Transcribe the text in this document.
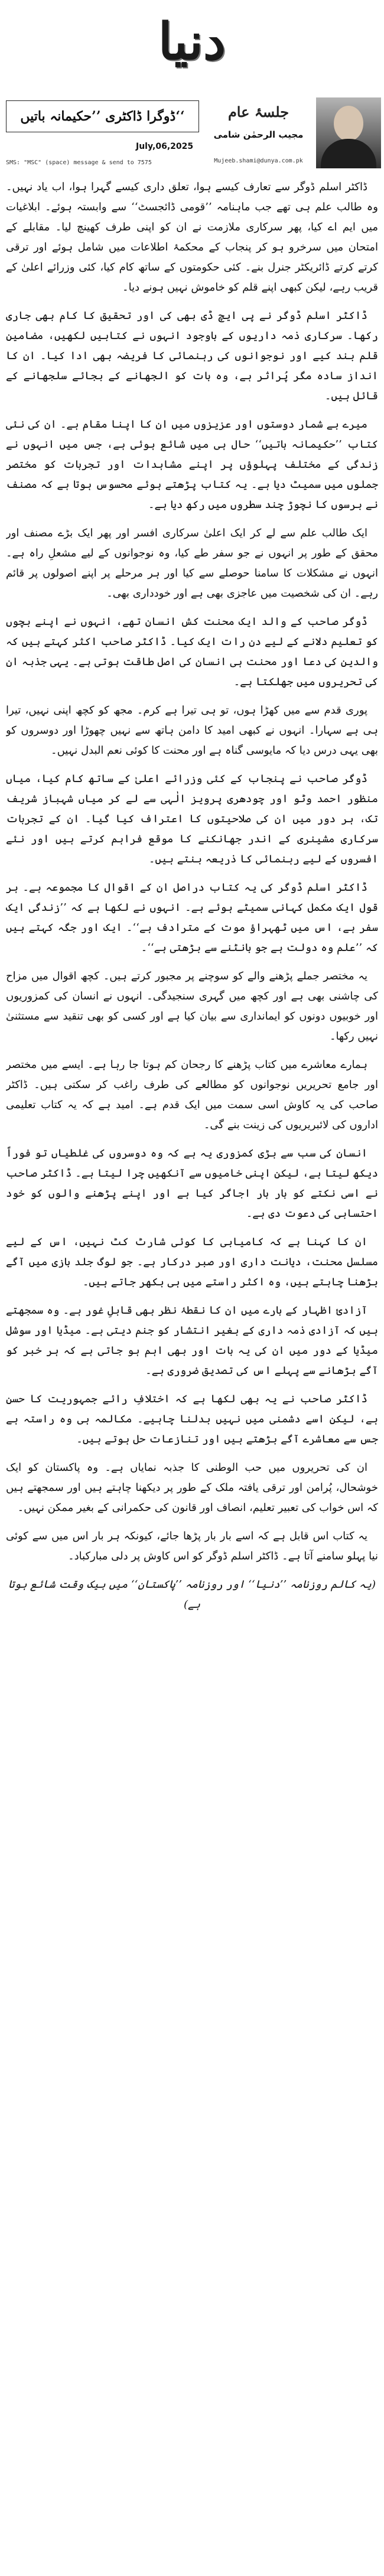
دنیا
ڈوگرا ڈاکٹری ’’حکیمانہ باتیں‘‘	جلسۂ عام
مجیب الرحمٰن شامی
Mujeeb.shami@dunya.com.pk
July,06,2025
SMS: "MSC" (space) message & send to 7575

ڈاکٹر اسلم ڈوگر سے تعارف کیسے ہوا، تعلق داری کیسے گہرا ہوا، اب یاد نہیں۔ وہ طالب علم ہی تھے جب ماہنامہ ’’قومی ڈائجسٹ‘‘ سے وابستہ ہوئے۔ ابلاغیات میں ایم اے کیا، پھر سرکاری ملازمت نے ان کو اپنی طرف کھینچ لیا۔ مقابلے کے امتحان میں سرخرو ہو کر پنجاب کے محکمۂ اطلاعات میں شامل ہوئے اور ترقی کرتے کرتے ڈائریکٹر جنرل بنے۔ کئی حکومتوں کے ساتھ کام کیا، کئی وزرائے اعلیٰ کے قریب رہے، لیکن کبھی اپنے قلم کو خاموش نہیں ہونے دیا۔

ڈاکٹر اسلم ڈوگر نے پی ایچ ڈی بھی کی اور تحقیق کا کام بھی جاری رکھا۔ سرکاری ذمہ داریوں کے باوجود انہوں نے کتابیں لکھیں، مضامین قلم بند کیے اور نوجوانوں کی رہنمائی کا فریضہ بھی ادا کیا۔ ان کا انداز سادہ مگر پُراثر ہے، وہ بات کو الجھانے کے بجائے سلجھانے کے قائل ہیں۔

میرے بے شمار دوستوں اور عزیزوں میں ان کا اپنا مقام ہے۔ ان کی نئی کتاب ’’حکیمانہ باتیں‘‘ حال ہی میں شائع ہوئی ہے، جس میں انہوں نے زندگی کے مختلف پہلوؤں پر اپنے مشاہدات اور تجربات کو مختصر جملوں میں سمیٹ دیا ہے۔ یہ کتاب پڑھتے ہوئے محسوس ہوتا ہے کہ مصنف نے برسوں کا نچوڑ چند سطروں میں رکھ دیا ہے۔

ایک طالب علم سے لے کر ایک اعلیٰ سرکاری افسر اور پھر ایک بڑے مصنف اور محقق کے طور پر انہوں نے جو سفر طے کیا، وہ نوجوانوں کے لیے مشعلِ راہ ہے۔ انہوں نے مشکلات کا سامنا حوصلے سے کیا اور ہر مرحلے پر اپنے اصولوں پر قائم رہے۔ ان کی شخصیت میں عاجزی بھی ہے اور خودداری بھی۔

ڈوگر صاحب کے والد ایک محنت کش انسان تھے، انہوں نے اپنے بچوں کو تعلیم دلانے کے لیے دن رات ایک کیا۔ ڈاکٹر صاحب اکثر کہتے ہیں کہ والدین کی دعا اور محنت ہی انسان کی اصل طاقت ہوتی ہے۔ یہی جذبہ ان کی تحریروں میں جھلکتا ہے۔

پوری قدم سے میں کھڑا ہوں، تو ہی تیرا ہے کرم۔ مجھ کو کچھ اپنی نہیں، تیرا ہی ہے سہارا۔ انہوں نے کبھی امید کا دامن ہاتھ سے نہیں چھوڑا اور دوسروں کو بھی یہی درس دیا کہ مایوسی گناہ ہے اور محنت کا کوئی نعم البدل نہیں۔

ڈوگر صاحب نے پنجاب کے کئی وزرائے اعلیٰ کے ساتھ کام کیا، میاں منظور احمد وٹو اور چودھری پرویز الٰہی سے لے کر میاں شہباز شریف تک، ہر دور میں ان کی صلاحیتوں کا اعتراف کیا گیا۔ ان کے تجربات سرکاری مشینری کے اندر جھانکنے کا موقع فراہم کرتے ہیں اور نئے افسروں کے لیے رہنمائی کا ذریعہ بنتے ہیں۔

ڈاکٹر اسلم ڈوگر کی یہ کتاب دراصل ان کے اقوال کا مجموعہ ہے۔ ہر قول ایک مکمل کہانی سمیٹے ہوئے ہے۔ انہوں نے لکھا ہے کہ ’’زندگی ایک سفر ہے، اس میں ٹھہراؤ موت کے مترادف ہے‘‘۔ ایک اور جگہ کہتے ہیں کہ ’’علم وہ دولت ہے جو بانٹنے سے بڑھتی ہے‘‘۔

یہ مختصر جملے پڑھنے والے کو سوچنے پر مجبور کرتے ہیں۔ کچھ اقوال میں مزاح کی چاشنی بھی ہے اور کچھ میں گہری سنجیدگی۔ انہوں نے انسان کی کمزوریوں اور خوبیوں دونوں کو ایمانداری سے بیان کیا ہے اور کسی کو بھی تنقید سے مستثنیٰ نہیں رکھا۔

ہمارے معاشرے میں کتاب پڑھنے کا رجحان کم ہوتا جا رہا ہے۔ ایسے میں مختصر اور جامع تحریریں نوجوانوں کو مطالعے کی طرف راغب کر سکتی ہیں۔ ڈاکٹر صاحب کی یہ کاوش اسی سمت میں ایک قدم ہے۔ امید ہے کہ یہ کتاب تعلیمی اداروں کی لائبریریوں کی زینت بنے گی۔

انسان کی سب سے بڑی کمزوری یہ ہے کہ وہ دوسروں کی غلطیاں تو فوراً دیکھ لیتا ہے، لیکن اپنی خامیوں سے آنکھیں چرا لیتا ہے۔ ڈاکٹر صاحب نے اسی نکتے کو بار بار اجاگر کیا ہے اور اپنے پڑھنے والوں کو خود احتسابی کی دعوت دی ہے۔

ان کا کہنا ہے کہ کامیابی کا کوئی شارٹ کٹ نہیں، اس کے لیے مسلسل محنت، دیانت داری اور صبر درکار ہے۔ جو لوگ جلد بازی میں آگے بڑھنا چاہتے ہیں، وہ اکثر راستے میں ہی بکھر جاتے ہیں۔

آزادیٔ اظہار کے بارے میں ان کا نقطۂ نظر بھی قابلِ غور ہے۔ وہ سمجھتے ہیں کہ آزادی ذمہ داری کے بغیر انتشار کو جنم دیتی ہے۔ میڈیا اور سوشل میڈیا کے دور میں ان کی یہ بات اور بھی اہم ہو جاتی ہے کہ ہر خبر کو آگے بڑھانے سے پہلے اس کی تصدیق ضروری ہے۔

ڈاکٹر صاحب نے یہ بھی لکھا ہے کہ اختلافِ رائے جمہوریت کا حسن ہے، لیکن اسے دشمنی میں نہیں بدلنا چاہیے۔ مکالمہ ہی وہ راستہ ہے جس سے معاشرے آگے بڑھتے ہیں اور تنازعات حل ہوتے ہیں۔

ان کی تحریروں میں حب الوطنی کا جذبہ نمایاں ہے۔ وہ پاکستان کو ایک خوشحال، پُرامن اور ترقی یافتہ ملک کے طور پر دیکھنا چاہتے ہیں اور سمجھتے ہیں کہ اس خواب کی تعبیر تعلیم، انصاف اور قانون کی حکمرانی کے بغیر ممکن نہیں۔

یہ کتاب اس قابل ہے کہ اسے بار بار پڑھا جائے، کیونکہ ہر بار اس میں سے کوئی نیا پہلو سامنے آتا ہے۔ ڈاکٹر اسلم ڈوگر کو اس کاوش پر دلی مبارکباد۔

(یہ کالم روزنامہ ’’دنیا‘‘ اور روزنامہ ’’پاکستان‘‘ میں بیک وقت شائع ہوتا ہے)
